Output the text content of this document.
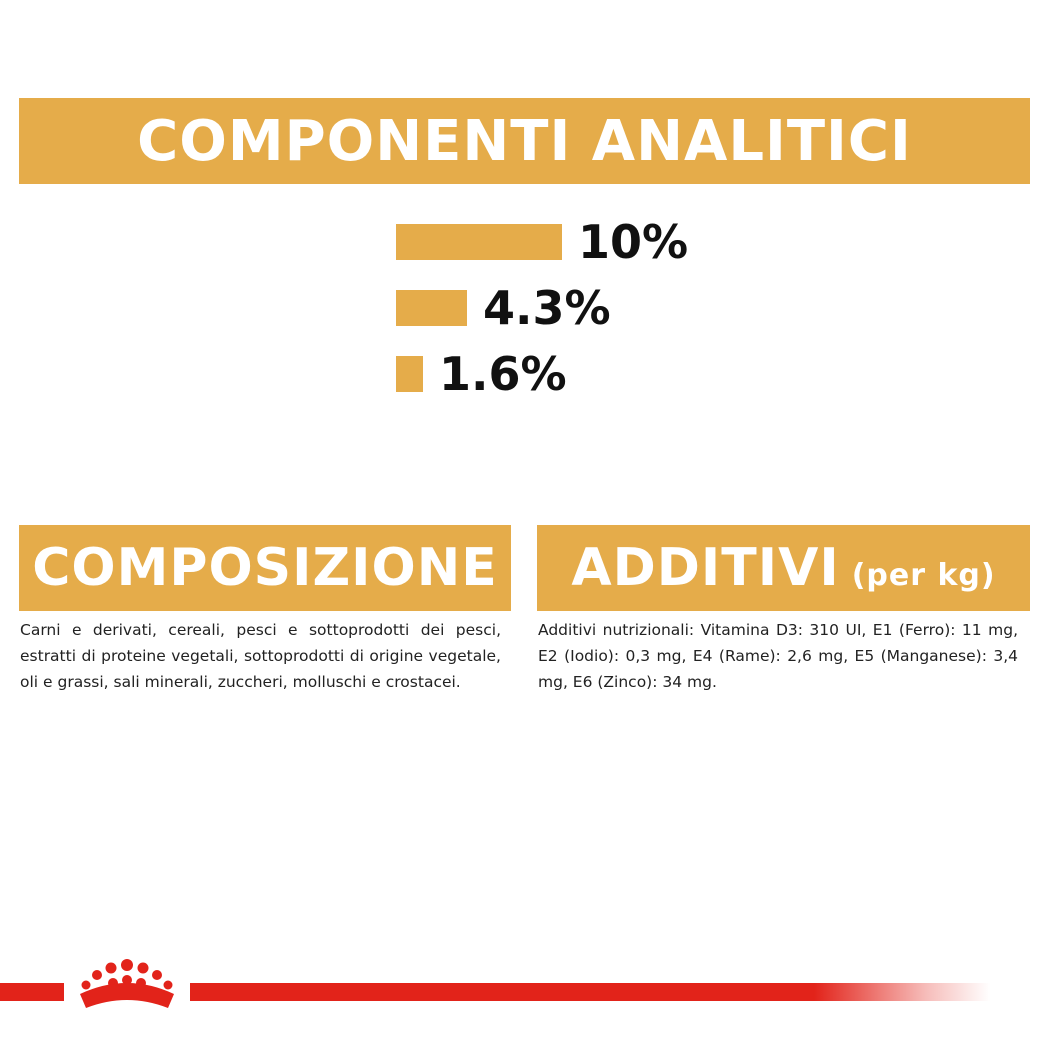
COMPONENTI ANALITICI
10%
4.3%
1.6%
COMPOSIZIONE ADDITIVI (per kg)
Carni e derivati, cereali, pesci e sottoprodotti dei pesci, estratti di proteine vegetali, sottoprodotti di origine vegetale, oli e grassi, sali minerali, zuccheri, molluschi e crostacei.
Additivi nutrizionali: Vitamina D3: 310 UI, E1 (Ferro): 11 mg, E2 (Iodio): 0,3 mg, E4 (Rame): 2,6 mg, E5 (Manganese): 3,4 mg, E6 (Zinco): 34 mg.
